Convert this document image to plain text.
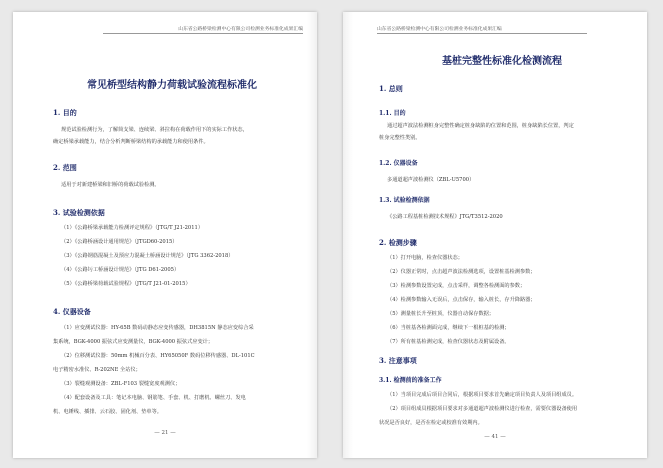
山东省公路桥梁检测中心有限公司检测业务标准化成果汇编
常见桥型结构静力荷载试验流程标准化
1. 目的
规范试验检测行为，了解简支梁、连续梁、斜拉构在荷载作用下的实际工作状态，
确定桥梁承载能力，结合分析判断桥梁结构的承载能力和使用条件。
2. 范围
适用于对新建桥梁和旧桥的荷载试验检测。
3. 试验检测依据
（1）《公路桥梁承载能力检测评定规程》（JTG/T J21-2011）
（2）《公路桥涵设计通用规范》（JTGD60-2015）
（3）《公路钢筋混凝土及预应力混凝土桥涵设计规范》（JTG 3362-2018）
（4）《公路圬工桥涵设计规范》（JTG D61-2005）
（5）《公路桥梁荷载试验规程》（JTG/T J21-01-2015）
4. 仪器设备
（1）应变测试仪器：HY-65B 数码动静态应变传感器，DH3815N 静态应变综合采
集系统，BGK-4000 振弦式应变测量仪，BGK-4000 振弦式应变计；
（2）位移测试仪器：50mm 机械百分表、HY65050F 数码位移传感器、DL-101C
电子精密水准仪、R-202NE 全站仪；
（3）裂缝观测设备：ZBL-F103 裂缝宽度观测仪；
（4）配套设备及工具：笔记本电脑、钢筋笔、手套、机、打磨机、螺丝刀、发电
机、电锤线、插排、云石胶、固化剂、垫单等。
— 21 —
山东省公路桥梁检测中心有限公司检测业务标准化成果汇编
基桩完整性标准化检测流程
1. 总则
1.1. 目的
通过超声波法检测桩身完整性确定桩身缺陷的位置和范围，桩身缺陷长位置，判定
桩身完整性类别。
1.2. 仪器设备
多通道超声波检测仪（ZBL-U5700）
1.3. 试验检测依据
《公路工程基桩检测技术规程》JTG/T3512-2020
2. 检测步骤
（1）打开电脑，检查仪器状态；
（2）仪器正常时，点击超声波法检测选项，设置桩基检测参数；
（3）检测参数设置完成，点击采样，调整各检测面的参数；
（4）检测参数输入无误后，点击保存，输入桩长，存升降路器；
（5）测量桩长升至桩顶，仪器自动保存数据；
（6）当桩基各检测面完成，继续下一根桩基的检测；
（7）所有桩基检测完成，检查仪器状态及附属设备。
3. 注意事项
3.1. 检测前的准备工作
（1）当项目完成后项目合同后，根据项目要求首先确定项目负责人及项目组成员。
（2）项目组成员根据项目要求对多通道超声波检测仪进行检查，需要仪器设备使用
状况是否良好，是否在检定或校准有效期内。
— 41 —
